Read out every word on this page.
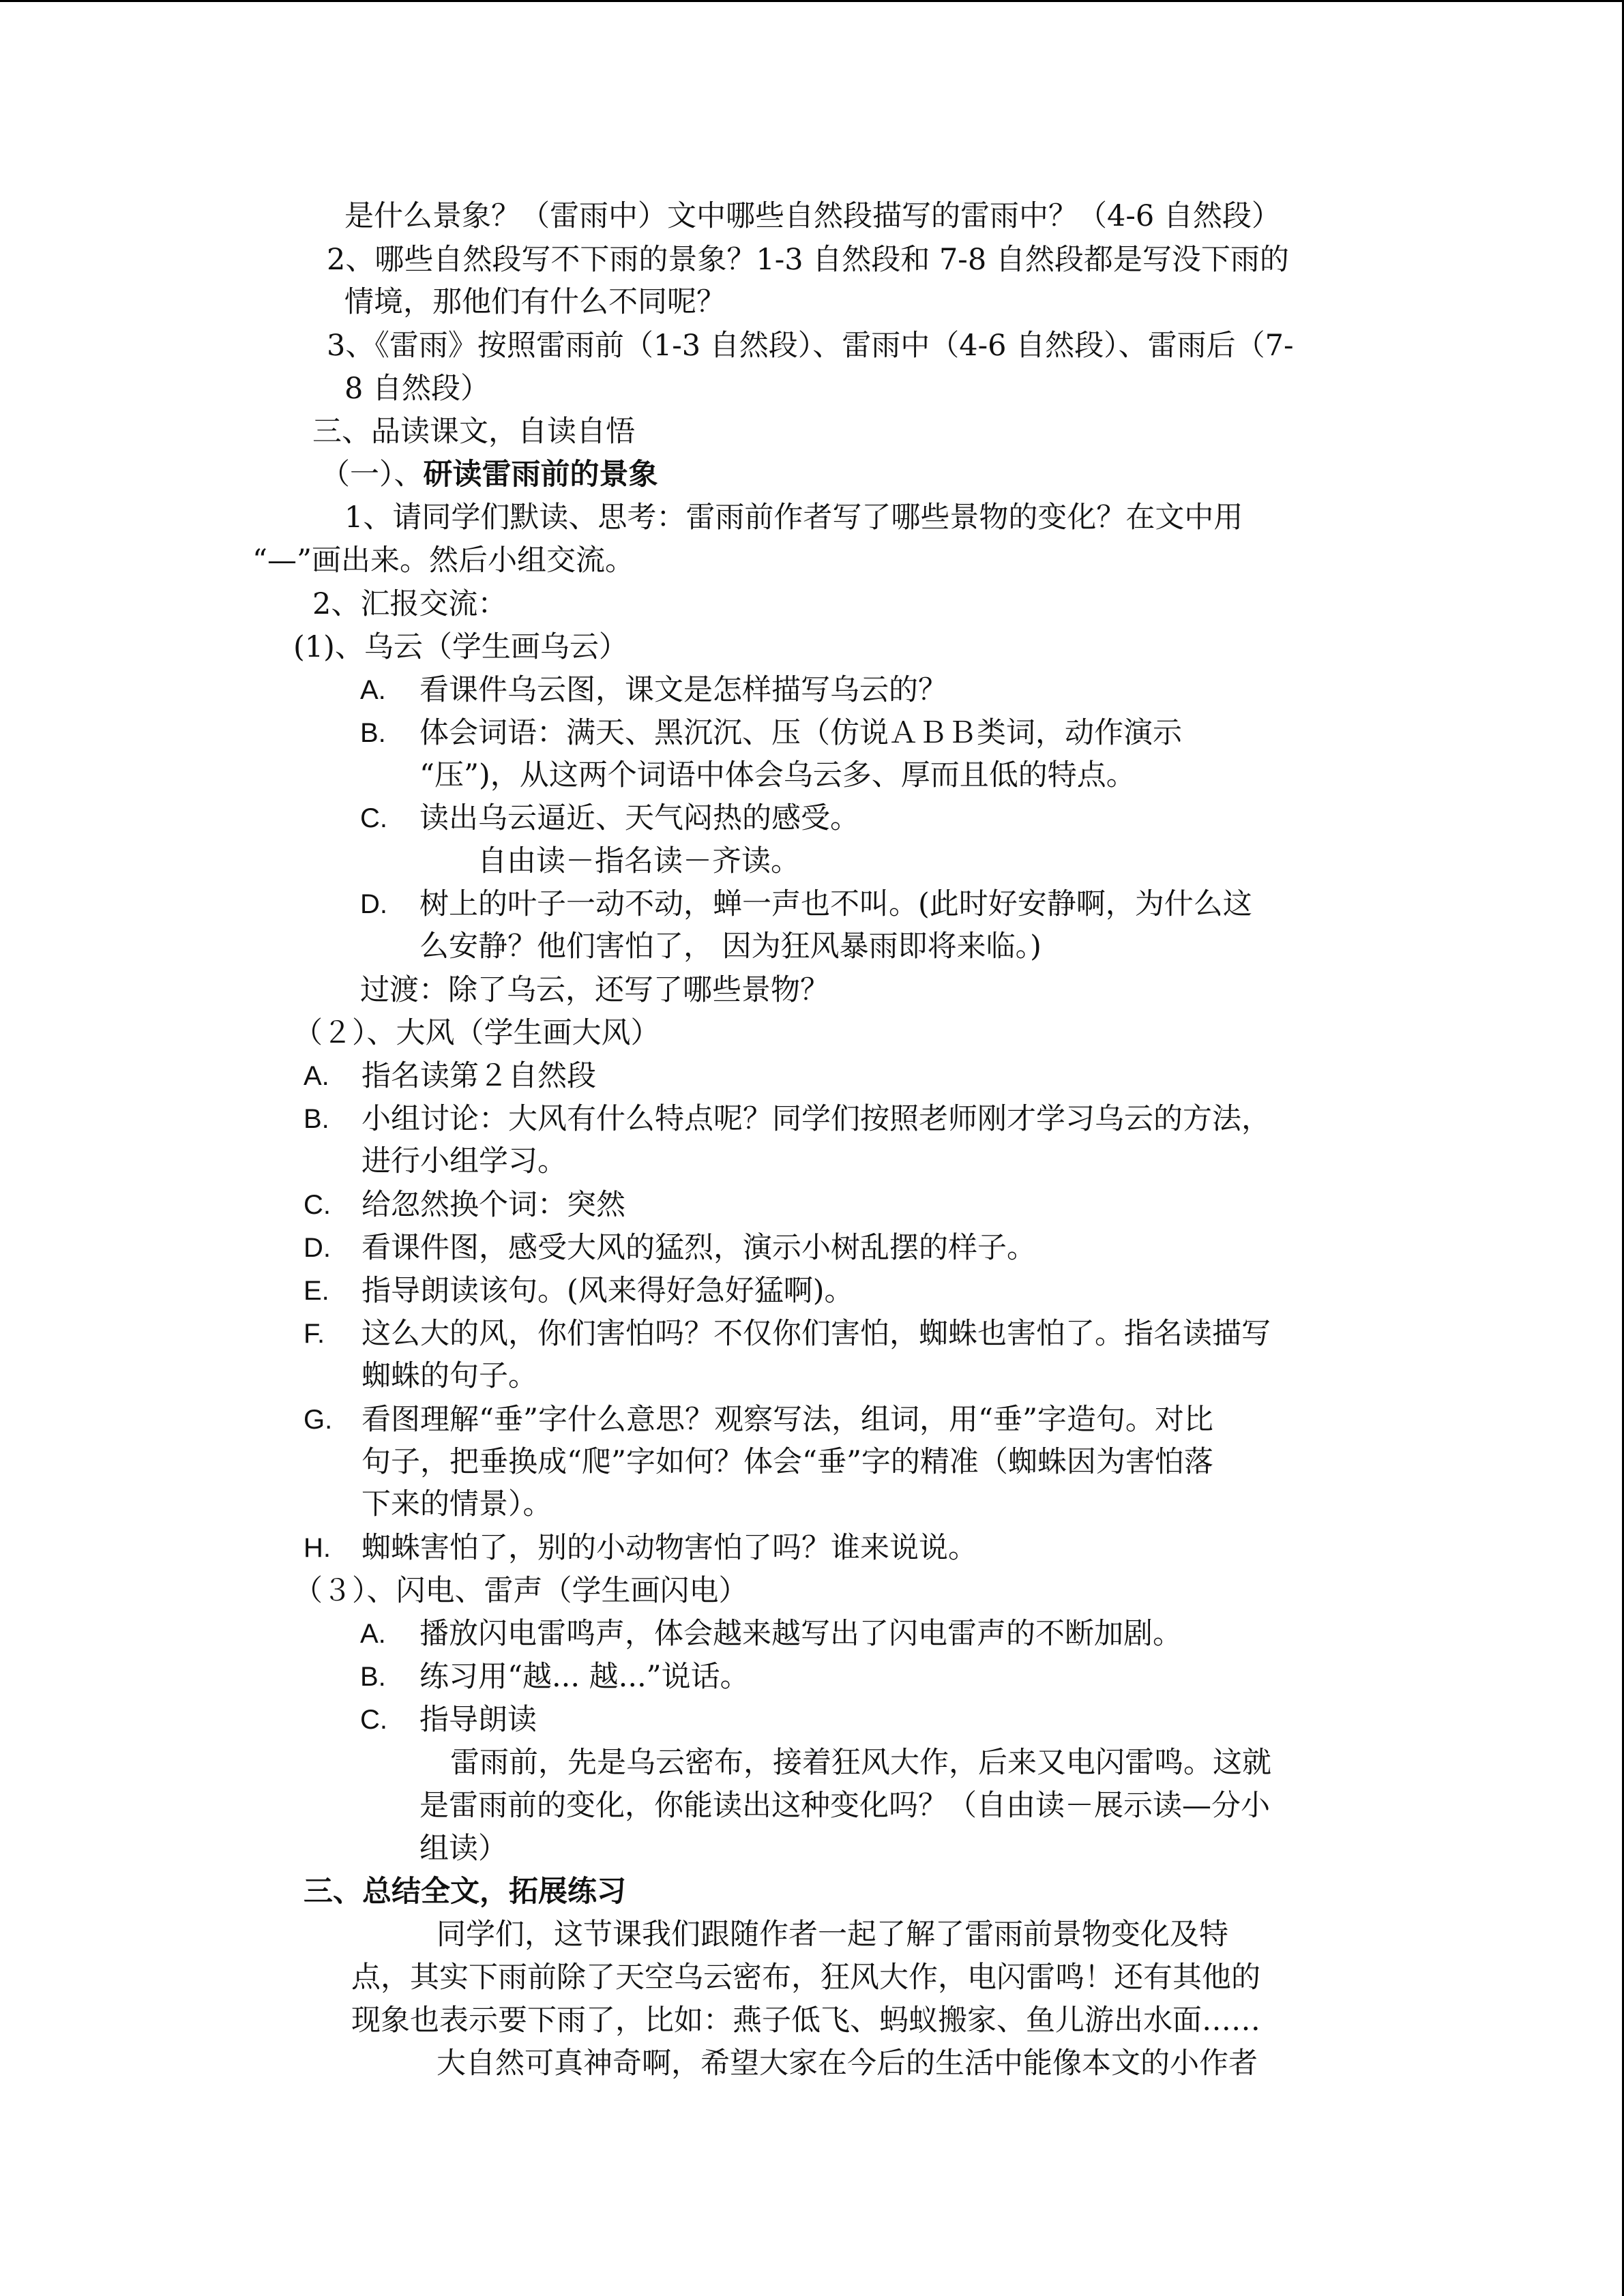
是什么景象？（雷雨中）文中哪些自然段描写的雷雨中？（4-6 自然段）
2、哪些自然段写不下雨的景象？1-3 自然段和 7-8 自然段都是写没下雨的
情境，那他们有什么不同呢？
3、《雷雨》按照雷雨前（1-3 自然段）、雷雨中（4-6 自然段）、雷雨后（7-
8 自然段）
三、品读课文，自读自悟
（一）、研读雷雨前的景象
1、请同学们默读、思考：雷雨前作者写了哪些景物的变化？在文中用
“—”画出来。然后小组交流。
2、汇报交流：
(1)、乌云（学生画乌云）
A. 看课件乌云图，课文是怎样描写乌云的？
B. 体会词语：满天、黑沉沉、压（仿说ＡＢＢ类词，动作演示
“压”)，从这两个词语中体会乌云多、厚而且低的特点。
C. 读出乌云逼近、天气闷热的感受。
自由读－指名读－齐读。
D. 树上的叶子一动不动，蝉一声也不叫。(此时好安静啊，为什么这
么安静？他们害怕了， 因为狂风暴雨即将来临。)
过渡：除了乌云，还写了哪些景物？
（２）、大风（学生画大风）
A. 指名读第２自然段
B. 小组讨论：大风有什么特点呢？同学们按照老师刚才学习乌云的方法，
进行小组学习。
C. 给忽然换个词：突然
D. 看课件图，感受大风的猛烈，演示小树乱摆的样子。
E. 指导朗读该句。(风来得好急好猛啊)。
F. 这么大的风，你们害怕吗？不仅你们害怕，蜘蛛也害怕了。指名读描写
蜘蛛的句子。
G. 看图理解“垂”字什么意思？观察写法，组词，用“垂”字造句。对比
句子，把垂换成“爬”字如何？体会“垂”字的精准（蜘蛛因为害怕落
下来的情景）。
H. 蜘蛛害怕了，别的小动物害怕了吗？谁来说说。
（３）、闪电、雷声（学生画闪电）
A. 播放闪电雷鸣声，体会越来越写出了闪电雷声的不断加剧。
B. 练习用“越... 越...”说话。
C. 指导朗读
雷雨前，先是乌云密布，接着狂风大作，后来又电闪雷鸣。这就
是雷雨前的变化，你能读出这种变化吗？（自由读－展示读—分小
组读）
三、总结全文，拓展练习
同学们，这节课我们跟随作者一起了解了雷雨前景物变化及特
点，其实下雨前除了天空乌云密布，狂风大作，电闪雷鸣！还有其他的
现象也表示要下雨了，比如：燕子低飞、蚂蚁搬家、鱼儿游出水面……
大自然可真神奇啊，希望大家在今后的生活中能像本文的小作者
